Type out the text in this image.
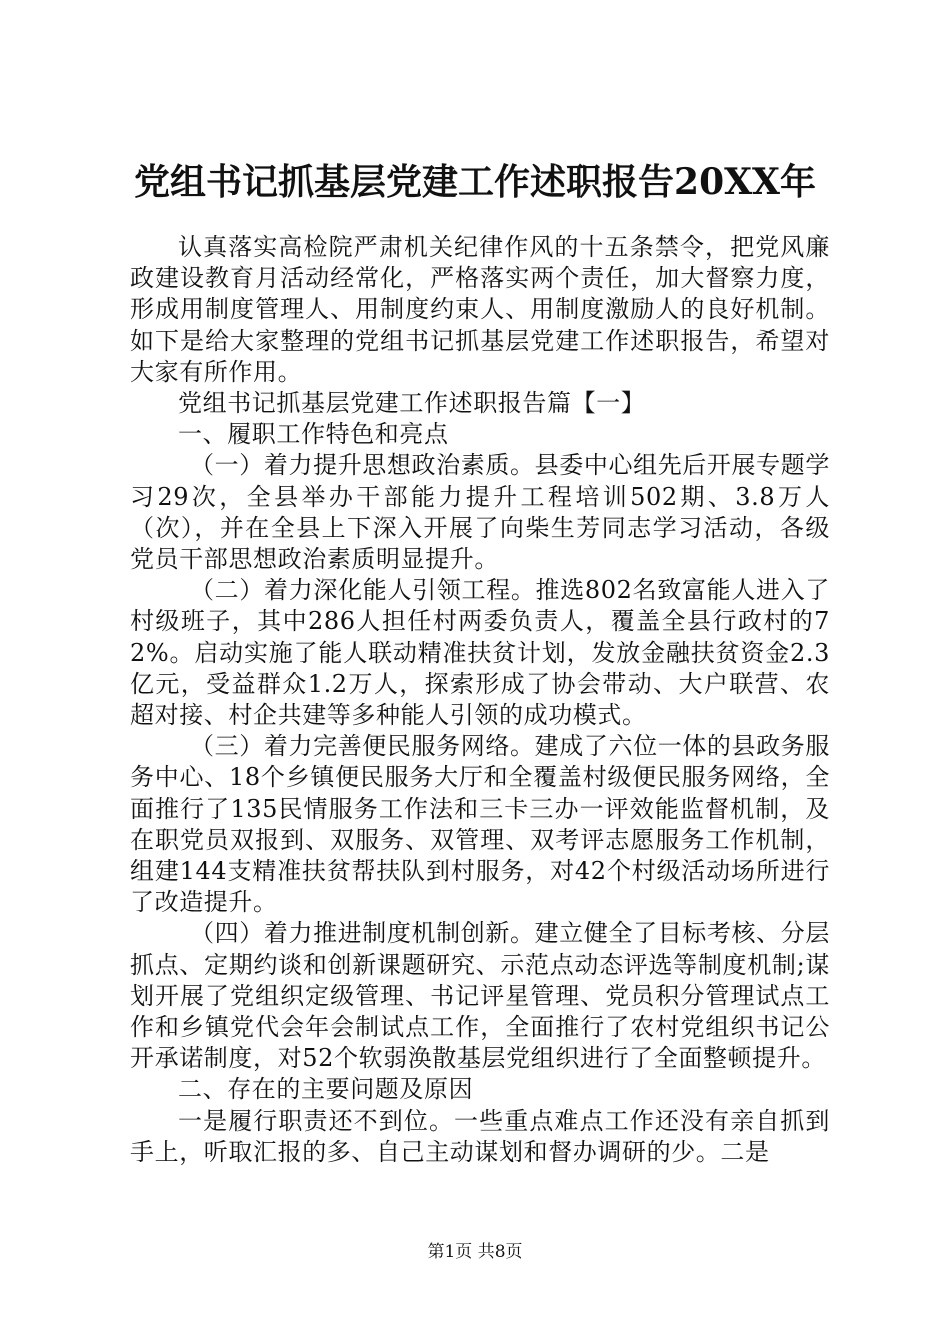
党组书记抓基层党建工作述职报告20XX年

认真落实高检院严肃机关纪律作风的十五条禁令，把党风廉政建设教育月活动经常化，严格落实两个责任，加大督察力度，形成用制度管理人、用制度约束人、用制度激励人的良好机制。如下是给大家整理的党组书记抓基层党建工作述职报告，希望对大家有所作用。

党组书记抓基层党建工作述职报告篇【一】

一、履职工作特色和亮点

（一）着力提升思想政治素质。县委中心组先后开展专题学习29次，全县举办干部能力提升工程培训502期、3.8万人（次），并在全县上下深入开展了向柴生芳同志学习活动，各级党员干部思想政治素质明显提升。

（二）着力深化能人引领工程。推选802名致富能人进入了村级班子，其中286人担任村两委负责人，覆盖全县行政村的72%。启动实施了能人联动精准扶贫计划，发放金融扶贫资金2.3亿元，受益群众1.2万人，探索形成了协会带动、大户联营、农超对接、村企共建等多种能人引领的成功模式。

（三）着力完善便民服务网络。建成了六位一体的县政务服务中心、18个乡镇便民服务大厅和全覆盖村级便民服务网络，全面推行了135民情服务工作法和三卡三办一评效能监督机制，及在职党员双报到、双服务、双管理、双考评志愿服务工作机制，组建144支精准扶贫帮扶队到村服务，对42个村级活动场所进行了改造提升。

（四）着力推进制度机制创新。建立健全了目标考核、分层抓点、定期约谈和创新课题研究、示范点动态评选等制度机制;谋划开展了党组织定级管理、书记评星管理、党员积分管理试点工作和乡镇党代会年会制试点工作，全面推行了农村党组织书记公开承诺制度，对52个软弱涣散基层党组织进行了全面整顿提升。

二、存在的主要问题及原因

一是履行职责还不到位。一些重点难点工作还没有亲自抓到手上，听取汇报的多、自己主动谋划和督办调研的少。二是

第1页 共8页
